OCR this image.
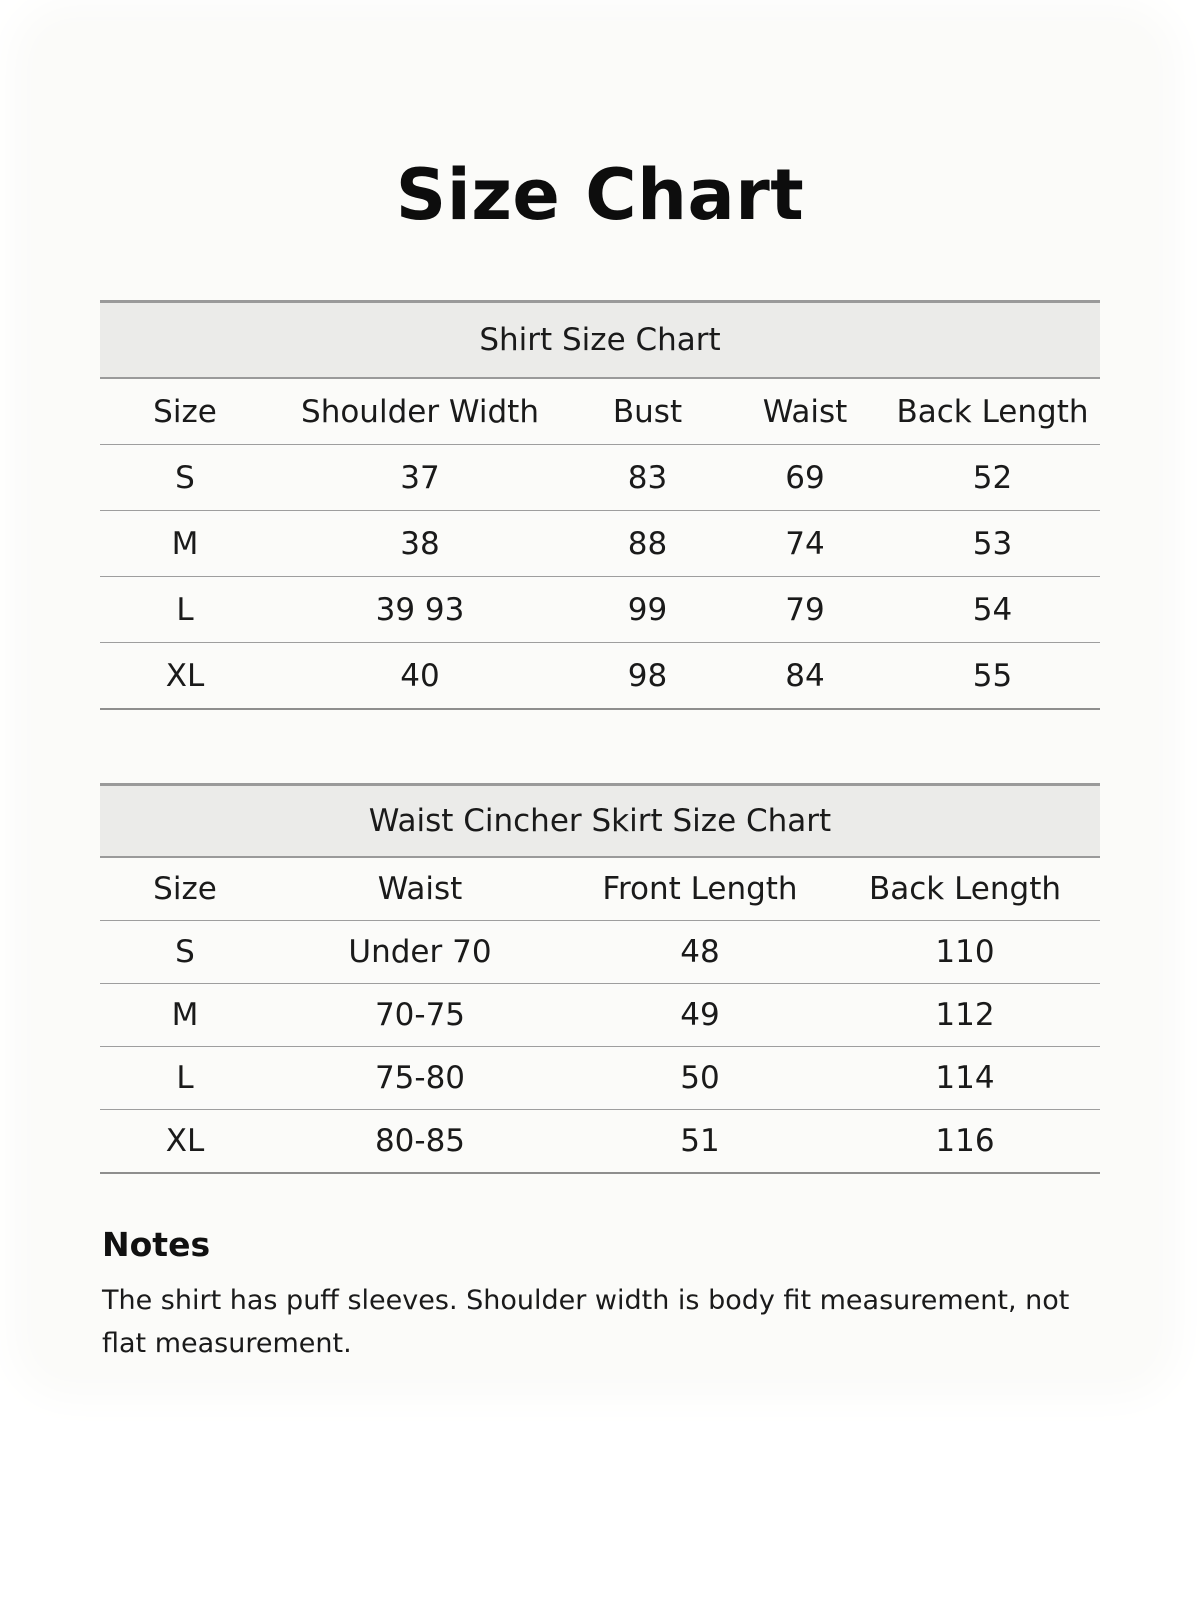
Size Chart
Shirt Size Chart
Size	Shoulder Width	Bust	Waist	Back Length
S	37	83	69	52
M	38	88	74	53
L	39 93	99	79	54
XL	40	98	84	55
Waist Cincher Skirt Size Chart
Size	Waist	Front Length	Back Length
S	Under 70	48	110
M	70-75	49	112
L	75-80	50	114
XL	80-85	51	116
Notes
The shirt has puff sleeves. Shoulder width is body fit measurement, not flat measurement.
